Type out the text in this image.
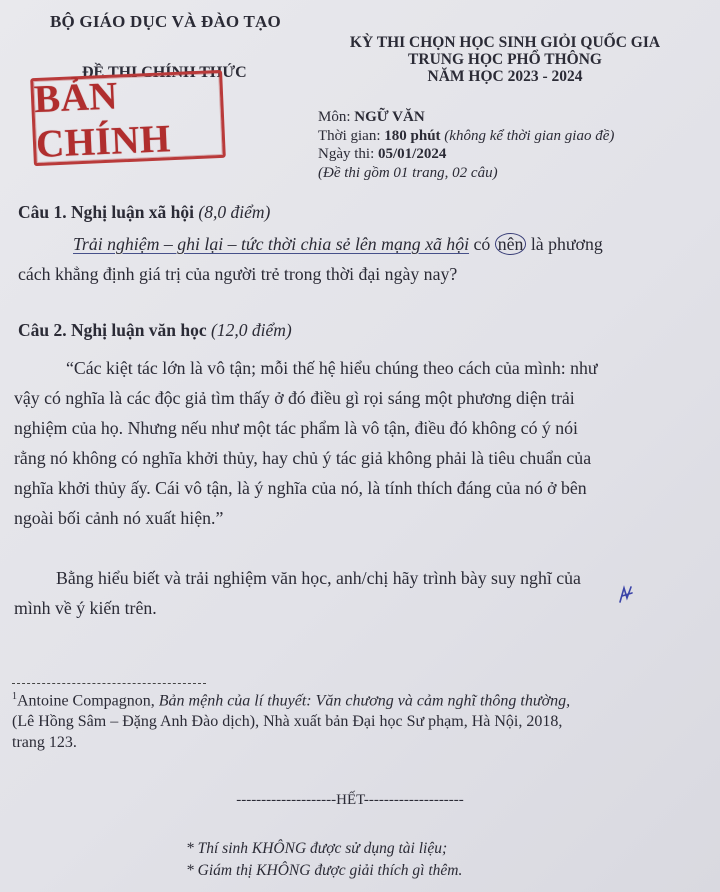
BỘ GIÁO DỤC VÀ ĐÀO TẠO
ĐỀ THI CHÍNH THỨC
BẢN CHÍNH
KỲ THI CHỌN HỌC SINH GIỎI QUỐC GIA
TRUNG HỌC PHỔ THÔNG
NĂM HỌC 2023 - 2024
Môn: NGỮ VĂN
Thời gian: 180 phút (không kể thời gian giao đề)
Ngày thi: 05/01/2024
(Đề thi gồm 01 trang, 02 câu)
Câu 1. Nghị luận xã hội (8,0 điểm)
Trải nghiệm – ghi lại – tức thời chia sẻ lên mạng xã hội có nên là phương
cách khẳng định giá trị của người trẻ trong thời đại ngày nay?
Câu 2. Nghị luận văn học (12,0 điểm)
“Các kiệt tác lớn là vô tận; mỗi thế hệ hiểu chúng theo cách của mình: như
vậy có nghĩa là các độc giả tìm thấy ở đó điều gì rọi sáng một phương diện trải
nghiệm của họ. Nhưng nếu như một tác phẩm là vô tận, điều đó không có ý nói
rằng nó không có nghĩa khởi thủy, hay chủ ý tác giả không phải là tiêu chuẩn của
nghĩa khởi thủy ấy. Cái vô tận, là ý nghĩa của nó, là tính thích đáng của nó ở bên
ngoài bối cảnh nó xuất hiện.”
Bằng hiểu biết và trải nghiệm văn học, anh/chị hãy trình bày suy nghĩ của
mình về ý kiến trên.
$^1$Antoine Compagnon, Bản mệnh của lí thuyết: Văn chương và cảm nghĩ thông thường,
(Lê Hồng Sâm – Đặng Anh Đào dịch), Nhà xuất bản Đại học Sư phạm, Hà Nội, 2018,
trang 123.
--------------------HẾT--------------------
* Thí sinh KHÔNG được sử dụng tài liệu;
* Giám thị KHÔNG được giải thích gì thêm.
